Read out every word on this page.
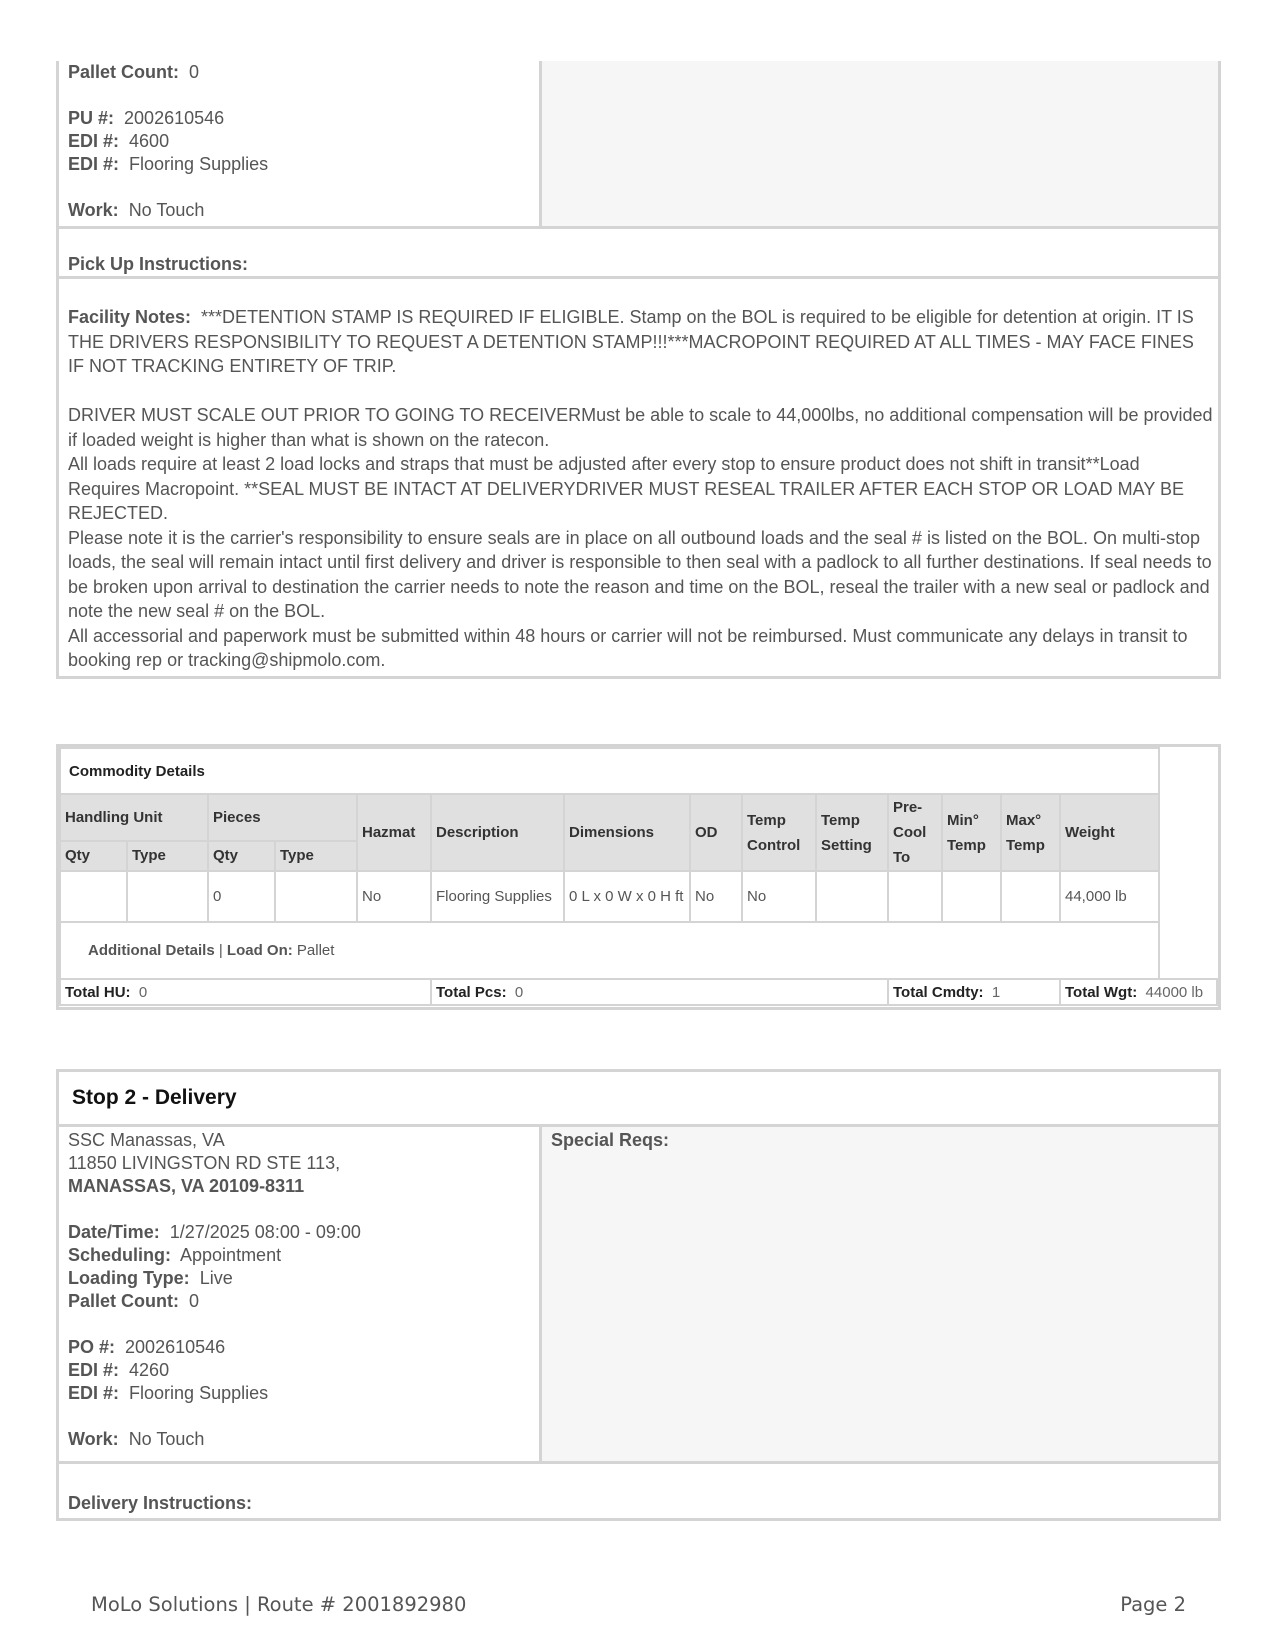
Pallet Count: 0
PU #: 2002610546
EDI #: 4600
EDI #: Flooring Supplies
Work: No Touch
Pick Up Instructions:

Facility Notes: ***DETENTION STAMP IS REQUIRED IF ELIGIBLE. Stamp on the BOL is required to be eligible for detention at origin. IT IS THE DRIVERS RESPONSIBILITY TO REQUEST A DETENTION STAMP!!!***MACROPOINT REQUIRED AT ALL TIMES - MAY FACE FINES IF NOT TRACKING ENTIRETY OF TRIP.

DRIVER MUST SCALE OUT PRIOR TO GOING TO RECEIVERMust be able to scale to 44,000lbs, no additional compensation will be provided if loaded weight is higher than what is shown on the ratecon.

All loads require at least 2 load locks and straps that must be adjusted after every stop to ensure product does not shift in transit**Load Requires Macropoint. **SEAL MUST BE INTACT AT DELIVERYDRIVER MUST RESEAL TRAILER AFTER EACH STOP OR LOAD MAY BE REJECTED.

Please note it is the carrier's responsibility to ensure seals are in place on all outbound loads and the seal # is listed on the BOL. On multi-stop loads, the seal will remain intact until first delivery and driver is responsible to then seal with a padlock to all further destinations. If seal needs to be broken upon arrival to destination the carrier needs to note the reason and time on the BOL, reseal the trailer with a new seal or padlock and note the new seal # on the BOL.

All accessorial and paperwork must be submitted within 48 hours or carrier will not be reimbursed. Must communicate any delays in transit to booking rep or tracking@shipmolo.com.

Commodity Details													
Handling Unit		Pieces		Hazmat	Description	Dimensions	OD	Temp Control	Temp Setting	Pre-Cool To	Min° Temp	Max° Temp	Weight
Qty	Type	Qty	Type										
		0		No	Flooring Supplies	0 L x 0 W x 0 H ft	No	No					44,000 lb
Additional Details | Load On: Pallet													
Total HU: 0					Total Pcs: 0					Total Cmdty: 1			Total Wgt: 44000 lb
Stop 2 - Delivery
SSC Manassas, VA
11850 LIVINGSTON RD STE 113,
MANASSAS, VA 20109-8311
Date/Time: 1/27/2025 08:00 - 09:00
Scheduling: Appointment
Loading Type: Live
Pallet Count: 0
PO #: 2002610546
EDI #: 4260
EDI #: Flooring Supplies
Work: No Touch
Special Reqs:
Delivery Instructions:
MoLo Solutions | Route # 2001892980	Page 2
